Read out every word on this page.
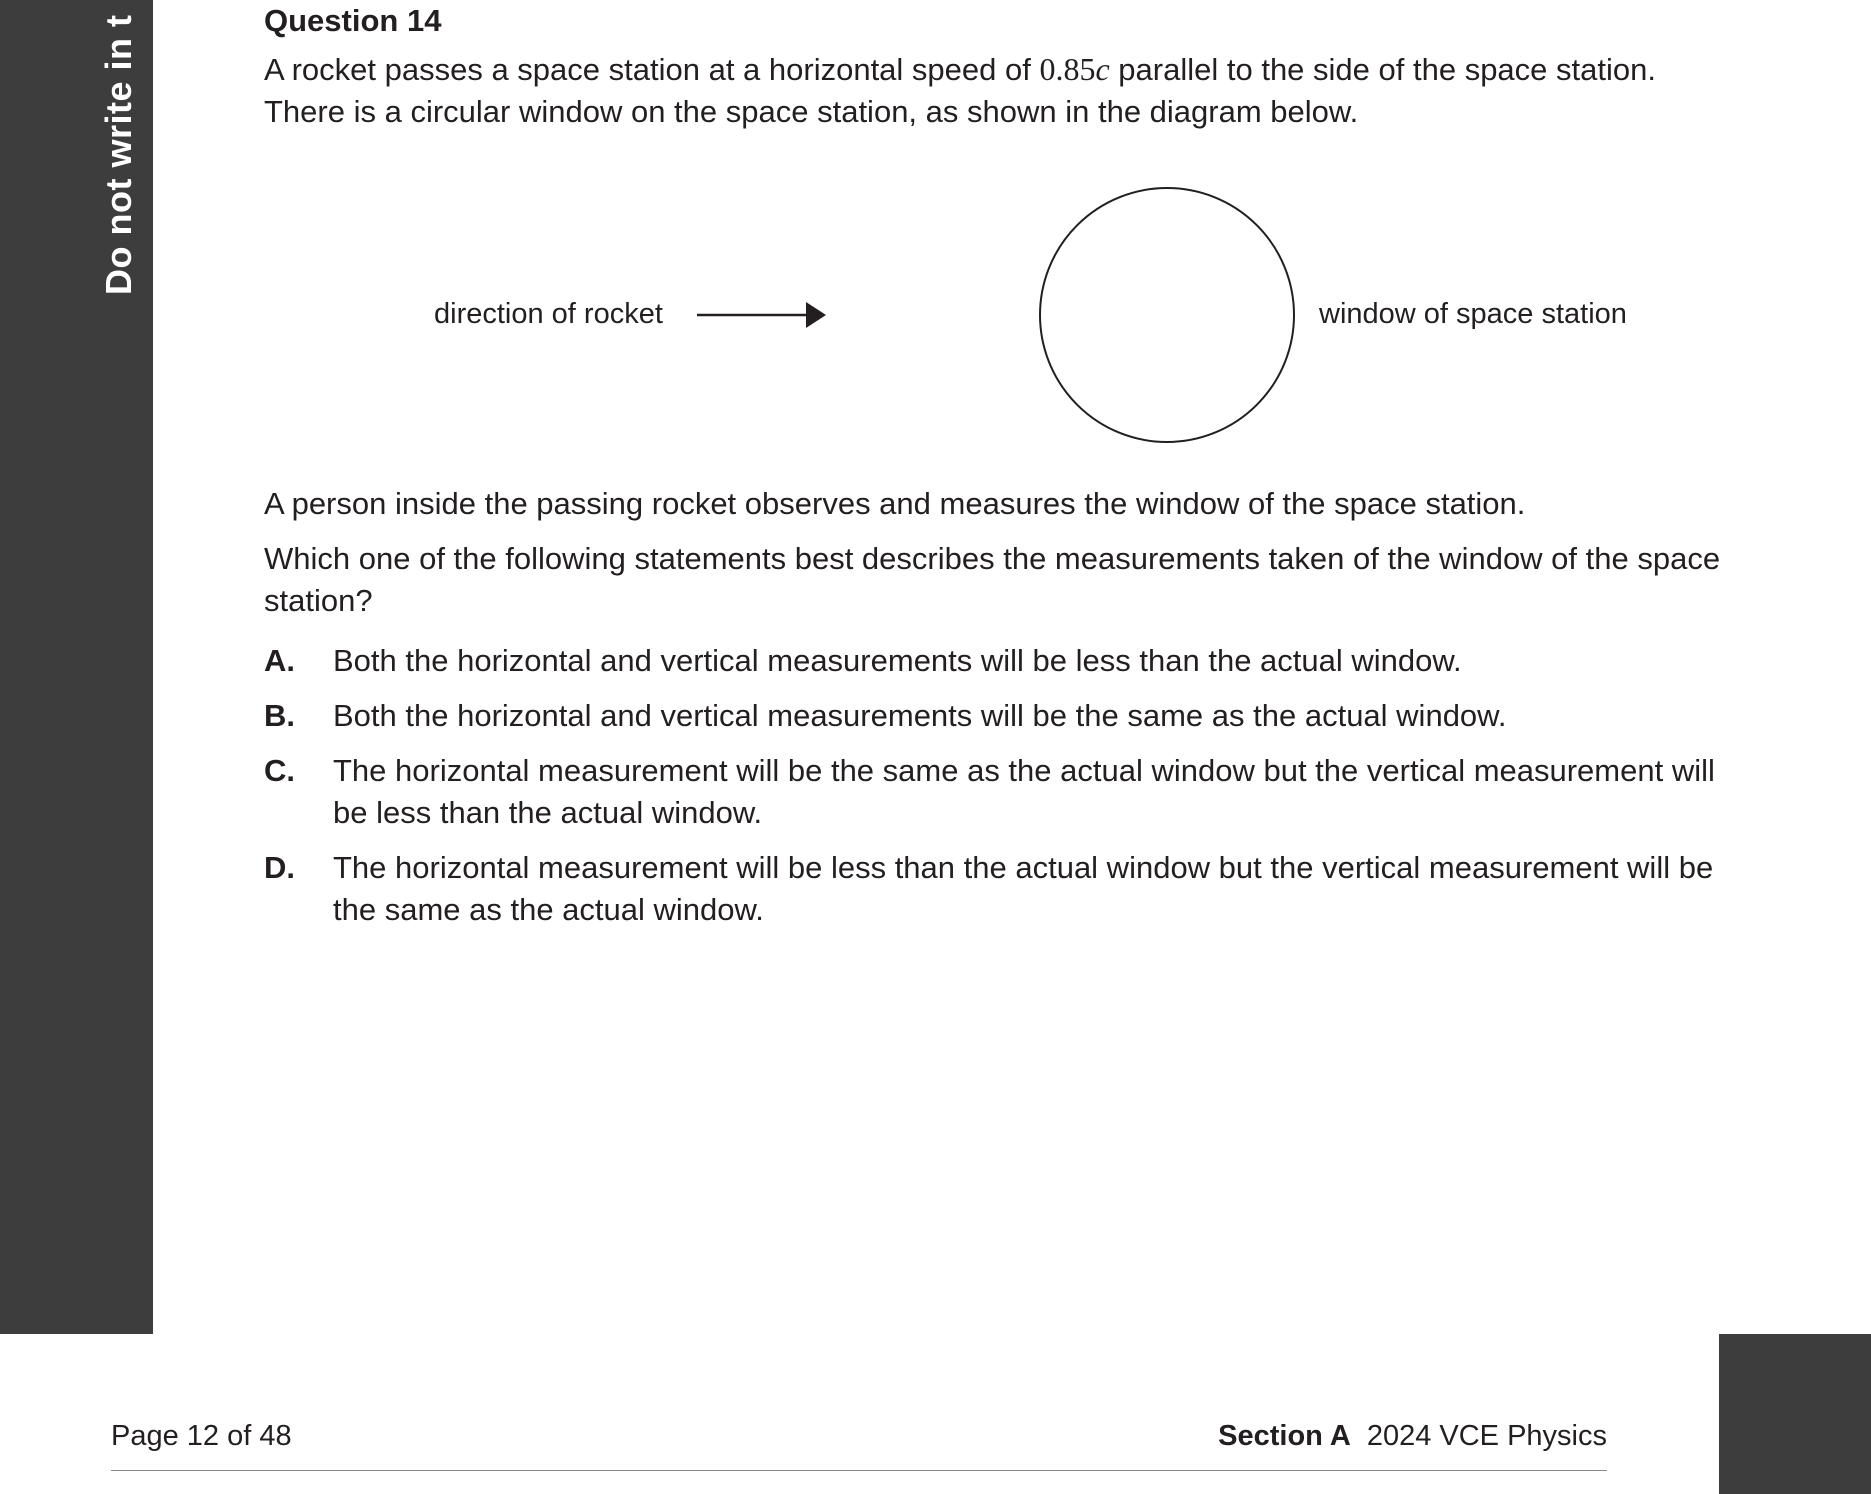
Do not write in t	Question 14

A rocket passes a space station at a horizontal speed of 0.85c parallel to the side of the space station.
There is a circular window on the space station, as shown in the diagram below.

direction of rocket	window of space station

A person inside the passing rocket observes and measures the window of the space station.

Which one of the following statements best describes the measurements taken of the window of the space station?

A. Both the horizontal and vertical measurements will be less than the actual window.
B. Both the horizontal and vertical measurements will be the same as the actual window.
C. The horizontal measurement will be the same as the actual window but the vertical measurement will be less than the actual window.
D. The horizontal measurement will be less than the actual window but the vertical measurement will be the same as the actual window.
Page 12 of 48	Section A 2024 VCE Physics
